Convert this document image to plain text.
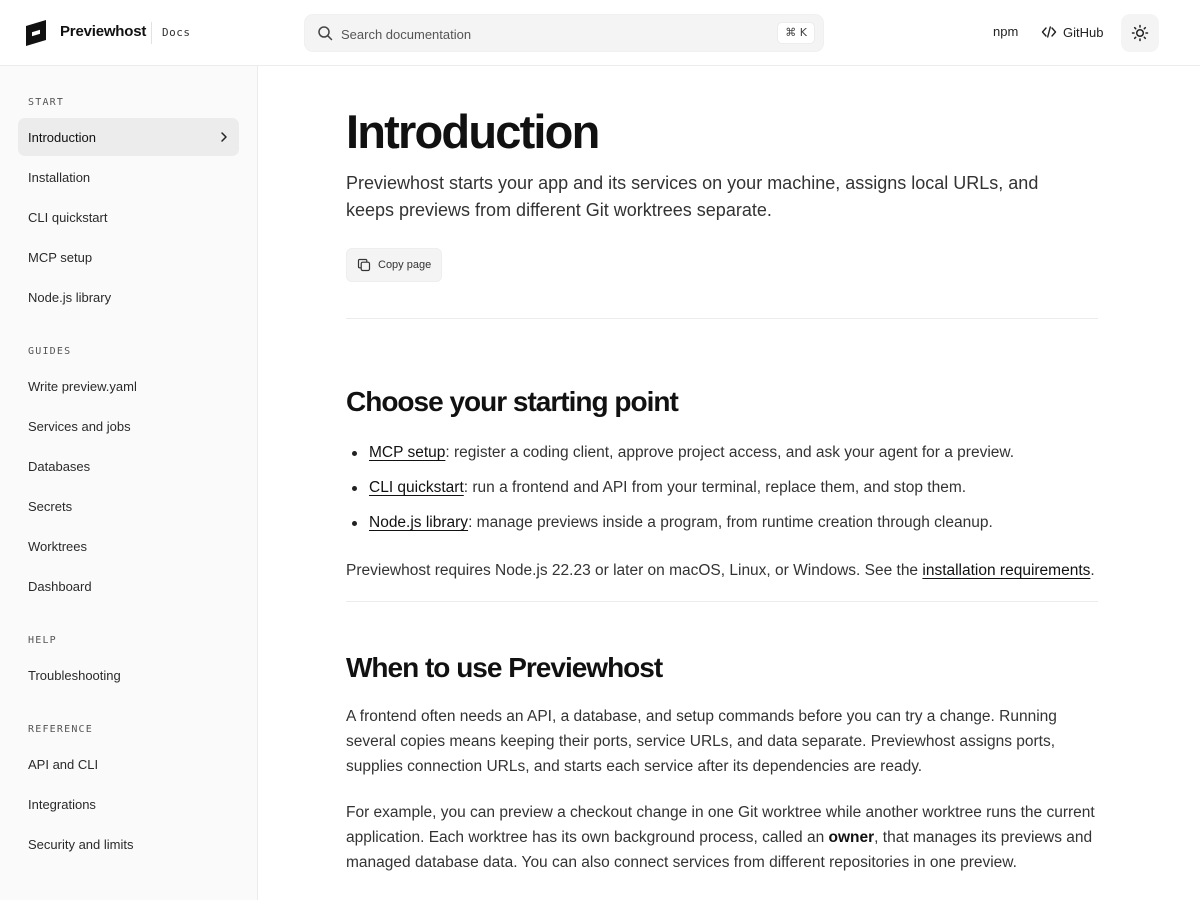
Previewhost Docs
Search documentation	⌘ K	npm	GitHub
START
Introduction
Installation
CLI quickstart
MCP setup
Node.js library
GUIDES
Write preview.yaml
Services and jobs
Databases
Secrets
Worktrees
Dashboard
HELP
Troubleshooting
REFERENCE
API and CLI
Integrations
Security and limits
Introduction

Previewhost starts your app and its services on your machine, assigns local URLs, and keeps previews from different Git worktrees separate.

Copy page
Choose your starting point
MCP setup: register a coding client, approve project access, and ask your agent for a preview.
CLI quickstart: run a frontend and API from your terminal, replace them, and stop them.
Node.js library: manage previews inside a program, from runtime creation through cleanup.

Previewhost requires Node.js 22.23 or later on macOS, Linux, or Windows. See the installation requirements.

When to use Previewhost

A frontend often needs an API, a database, and setup commands before you can try a change. Running several copies means keeping their ports, service URLs, and data separate. Previewhost assigns ports, supplies connection URLs, and starts each service after its dependencies are ready.

For example, you can preview a checkout change in one Git worktree while another worktree runs the current application. Each worktree has its own background process, called an owner, that manages its previews and managed database data. You can also connect services from different repositories in one preview.
